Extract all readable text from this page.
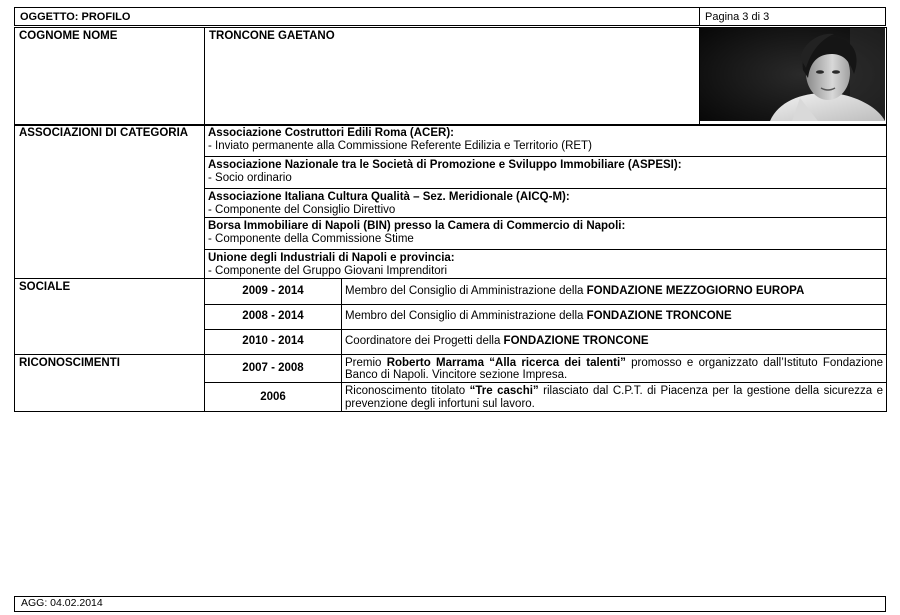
OGGETTO: PROFILO	Pagina 3 di 3
COGNOME NOME	TRONCONE GAETANO	
ASSOCIAZIONI DI CATEGORIA	Associazione Costruttori Edili Roma (ACER):
- Inviato permanente alla Commissione Referente Edilizia e Territorio (RET)	
	Associazione Nazionale tra le Società di Promozione e Sviluppo Immobiliare (ASPESI):
- Socio ordinario	
	Associazione Italiana Cultura Qualità – Sez. Meridionale (AICQ-M):
- Componente del Consiglio Direttivo	
	Borsa Immobiliare di Napoli (BIN) presso la Camera di Commercio di Napoli:
- Componente della Commissione Stime	
	Unione degli Industriali di Napoli e provincia:
- Componente del Gruppo Giovani Imprenditori	
SOCIALE	2009 - 2014	Membro del Consiglio di Amministrazione della FONDAZIONE MEZZOGIORNO EUROPA
	2008 - 2014	Membro del Consiglio di Amministrazione della FONDAZIONE TRONCONE
	2010 - 2014	Coordinatore dei Progetti della FONDAZIONE TRONCONE
RICONOSCIMENTI	2007 - 2008	Premio Roberto Marrama “Alla ricerca dei talenti” promosso e organizzato dall’Istituto Fondazione Banco di Napoli. Vincitore sezione Impresa.
	2006	Riconoscimento titolato “Tre caschi” rilasciato dal C.P.T. di Piacenza per la gestione della sicurezza e prevenzione degli infortuni sul lavoro.
AGG: 04.02.2014
